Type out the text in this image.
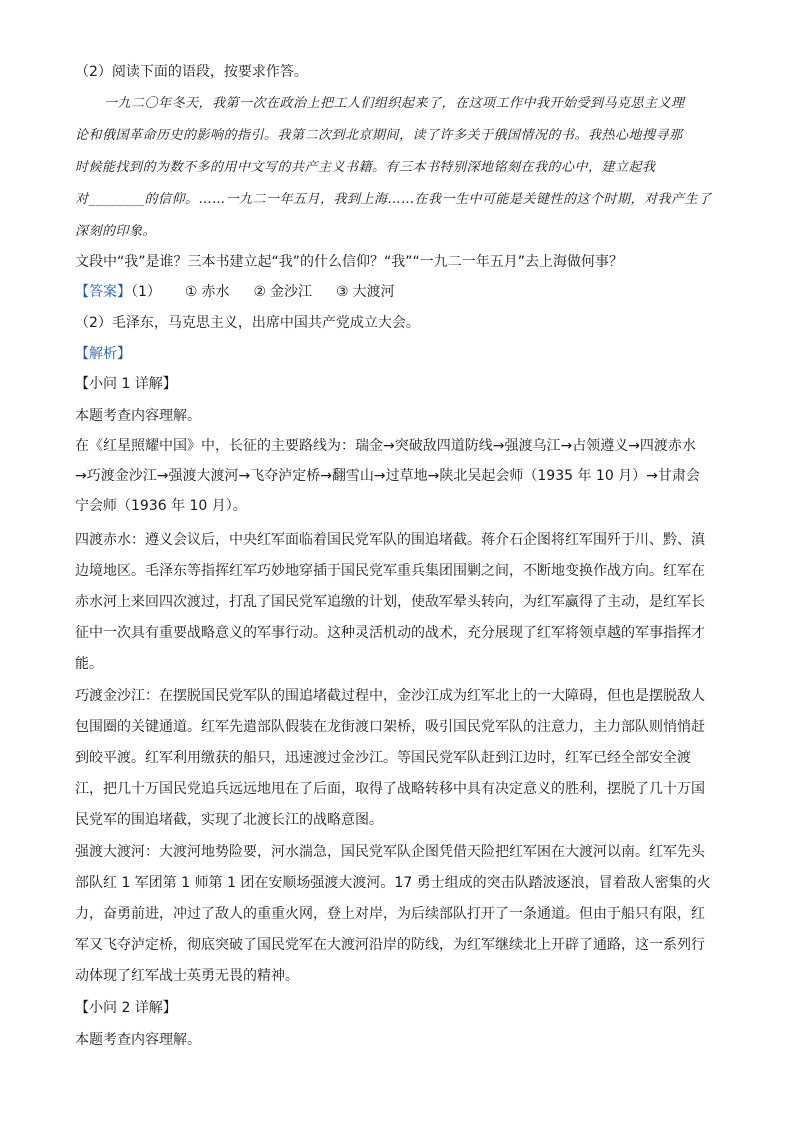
（2）阅读下面的语段，按要求作答。
一九二〇年冬天，我第一次在政治上把工人们组织起来了，在这项工作中我开始受到马克思主义理
论和俄国革命历史的影响的指引。我第二次到北京期间，读了许多关于俄国情况的书。我热心地搜寻那
时候能找到的为数不多的用中文写的共产主义书籍。有三本书特别深地铭刻在我的心中，建立起我
对________的信仰。……一九二一年五月，我到上海……在我一生中可能是关键性的这个时期，对我产生了
深刻的印象。
文段中“我”是谁？三本书建立起“我”的什么信仰？“我”“一九二一年五月”去上海做何事？
【答案】（1） ① 赤水 ② 金沙江 ③ 大渡河
（2）毛泽东，马克思主义，出席中国共产党成立大会。
【解析】
【小问 1 详解】
本题考查内容理解。
在《红星照耀中国》中，长征的主要路线为：瑞金→突破敌四道防线→强渡乌江→占领遵义→四渡赤水
→巧渡金沙江→强渡大渡河→飞夺泸定桥→翻雪山→过草地→陕北吴起会师（1935 年 10 月）→甘肃会
宁会师（1936 年 10 月）。
四渡赤水：遵义会议后，中央红军面临着国民党军队的围追堵截。蒋介石企图将红军围歼于川、黔、滇
边境地区。毛泽东等指挥红军巧妙地穿插于国民党军重兵集团围剿之间，不断地变换作战方向。红军在
赤水河上来回四次渡过，打乱了国民党军追缴的计划，使敌军晕头转向，为红军赢得了主动，是红军长
征中一次具有重要战略意义的军事行动。这种灵活机动的战术，充分展现了红军将领卓越的军事指挥才
能。
巧渡金沙江：在摆脱国民党军队的围追堵截过程中，金沙江成为红军北上的一大障碍，但也是摆脱敌人
包围圈的关键通道。红军先遣部队假装在龙街渡口架桥，吸引国民党军队的注意力，主力部队则悄悄赶
到皎平渡。红军利用缴获的船只，迅速渡过金沙江。等国民党军队赶到江边时，红军已经全部安全渡
江，把几十万国民党追兵远远地甩在了后面，取得了战略转移中具有决定意义的胜利，摆脱了几十万国
民党军的围追堵截，实现了北渡长江的战略意图。
强渡大渡河：大渡河地势险要，河水湍急，国民党军队企图凭借天险把红军困在大渡河以南。红军先头
部队红 1 军团第 1 师第 1 团在安顺场强渡大渡河。17 勇士组成的突击队踏波逐浪，冒着敌人密集的火
力，奋勇前进，冲过了敌人的重重火网，登上对岸，为后续部队打开了一条通道。但由于船只有限，红
军又飞夺泸定桥，彻底突破了国民党军在大渡河沿岸的防线，为红军继续北上开辟了通路，这一系列行
动体现了红军战士英勇无畏的精神。
【小问 2 详解】
本题考查内容理解。
